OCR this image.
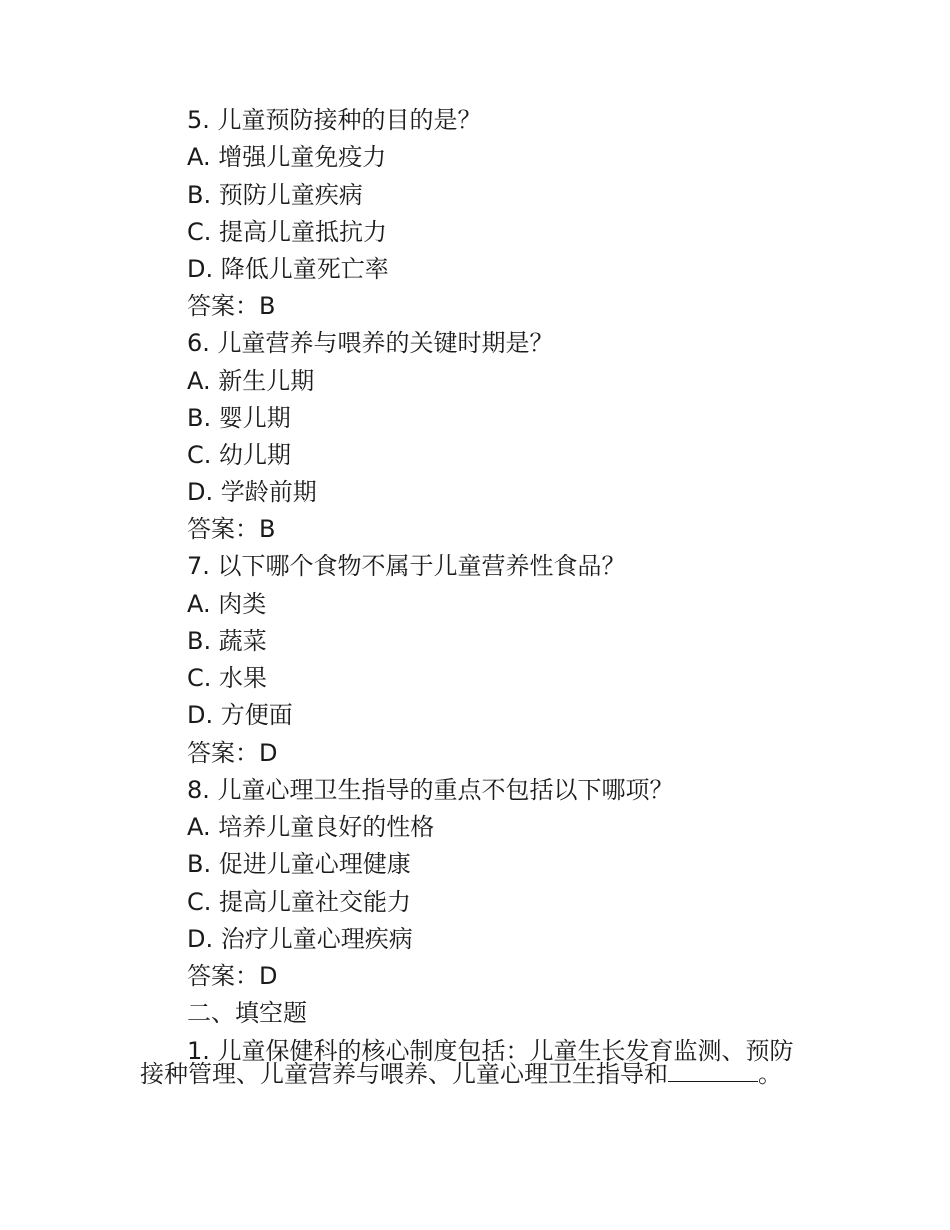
5. 儿童预防接种的目的是？
A. 增强儿童免疫力
B. 预防儿童疾病
C. 提高儿童抵抗力
D. 降低儿童死亡率
答案：B
6. 儿童营养与喂养的关键时期是？
A. 新生儿期
B. 婴儿期
C. 幼儿期
D. 学龄前期
答案：B
7. 以下哪个食物不属于儿童营养性食品？
A. 肉类
B. 蔬菜
C. 水果
D. 方便面
答案：D
8. 儿童心理卫生指导的重点不包括以下哪项？
A. 培养儿童良好的性格
B. 促进儿童心理健康
C. 提高儿童社交能力
D. 治疗儿童心理疾病
答案：D
二、填空题
1. 儿童保健科的核心制度包括：儿童生长发育监测、预防
接种管理、儿童营养与喂养、儿童心理卫生指导和	。
